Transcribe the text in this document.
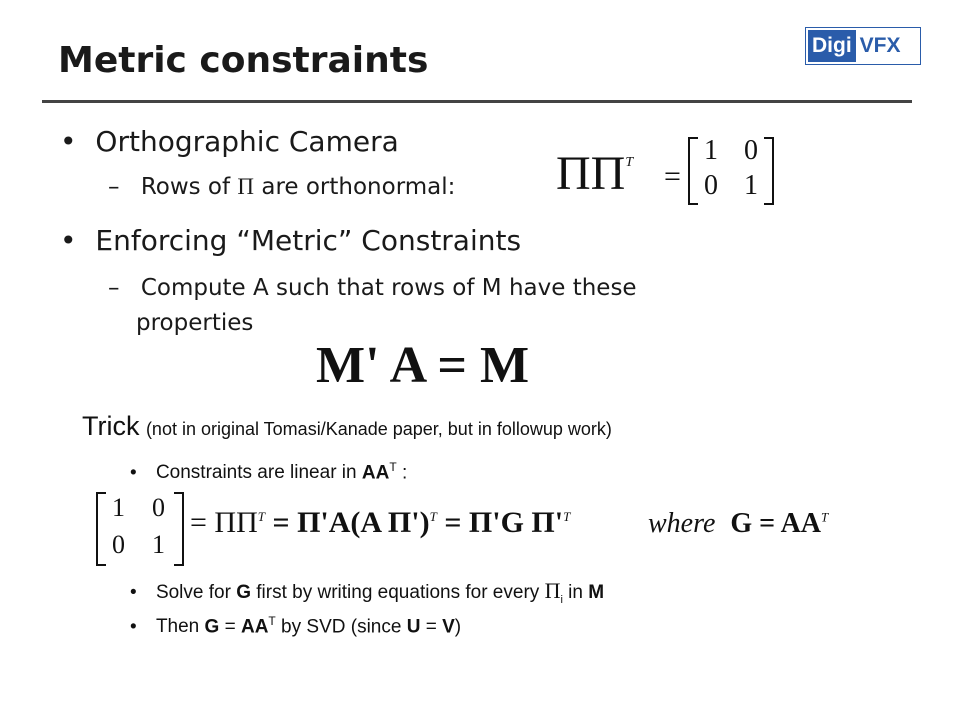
Metric constraints	Digi VFX
• Orthographic Camera
– Rows of Π are orthonormal: $\Pi\Pi^T$ =
1 0
0 1
• Enforcing “Metric” Constraints
– Compute A such that rows of M have these
properties
M' A = M
Trick (not in original Tomasi/Kanade paper, but in followup work)
• Constraints are linear in $AA^T$ :
1 0
0 1
= $\Pi\Pi^T = \Pi'A(A$ Π')$^T$ = Π'G $\Pi'^T$	where $G = AA^T$
• Solve for G first by writing equations for every $\Pi_i$ in M
• Then $G = AA^T$ by SVD (since U = V)
